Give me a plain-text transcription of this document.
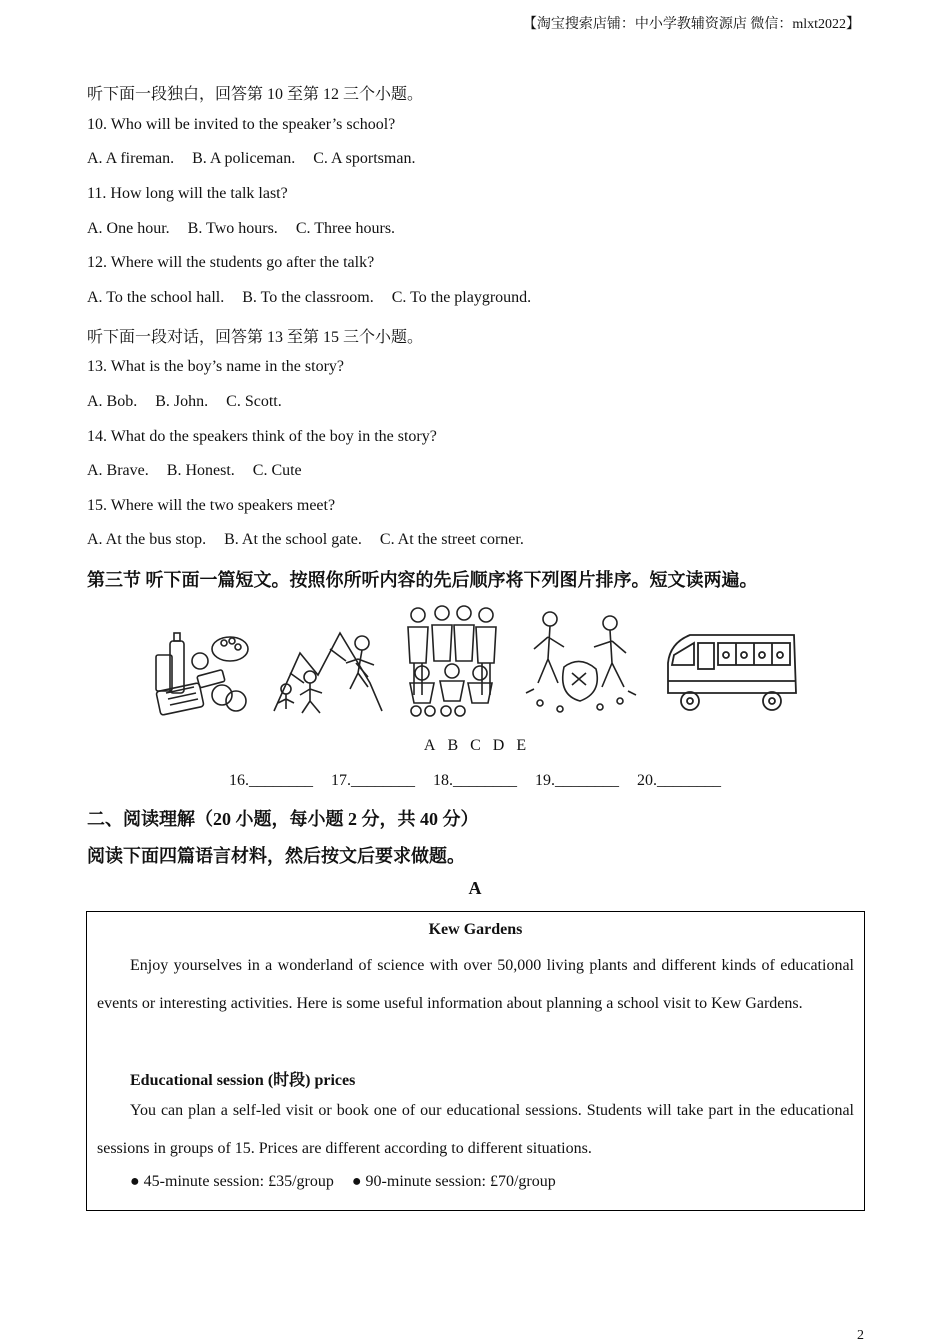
【淘宝搜索店铺：中小学教辅资源店 微信：mlxt2022】
听下面一段独白，回答第 10 至第 12 三个小题。
10. Who will be invited to the speaker’s school?
A. A fireman. B. A policeman. C. A sportsman.
11. How long will the talk last?
A. One hour. B. Two hours. C. Three hours.
12. Where will the students go after the talk?
A. To the school hall. B. To the classroom. C. To the playground.
听下面一段对话，回答第 13 至第 15 三个小题。
13. What is the boy’s name in the story?
A. Bob. B. John. C. Scott.
14. What do the speakers think of the boy in the story?
A. Brave. B. Honest. C. Cute
15. Where will the two speakers meet?
A. At the bus stop. B. At the school gate. C. At the street corner.
第三节 听下面一篇短文。按照你所听内容的先后顺序将下列图片排序。短文读两遍。
A B C D E
16.________ 17.________ 18.________ 19.________ 20.________
二、阅读理解（20 小题，每小题 2 分，共 40 分）
阅读下面四篇语言材料，然后按文后要求做题。
A
Kew Gardens
Enjoy yourselves in a wonderland of science with over 50,000 living plants and different kinds of educational events or interesting activities. Here is some useful information about planning a school visit to Kew Gardens.
Educational session (时段) prices
You can plan a self-led visit or book one of our educational sessions. Students will take part in the educational sessions in groups of 15. Prices are different according to different situations.
● 45-minute session: £35/group ● 90-minute session: £70/group
2
